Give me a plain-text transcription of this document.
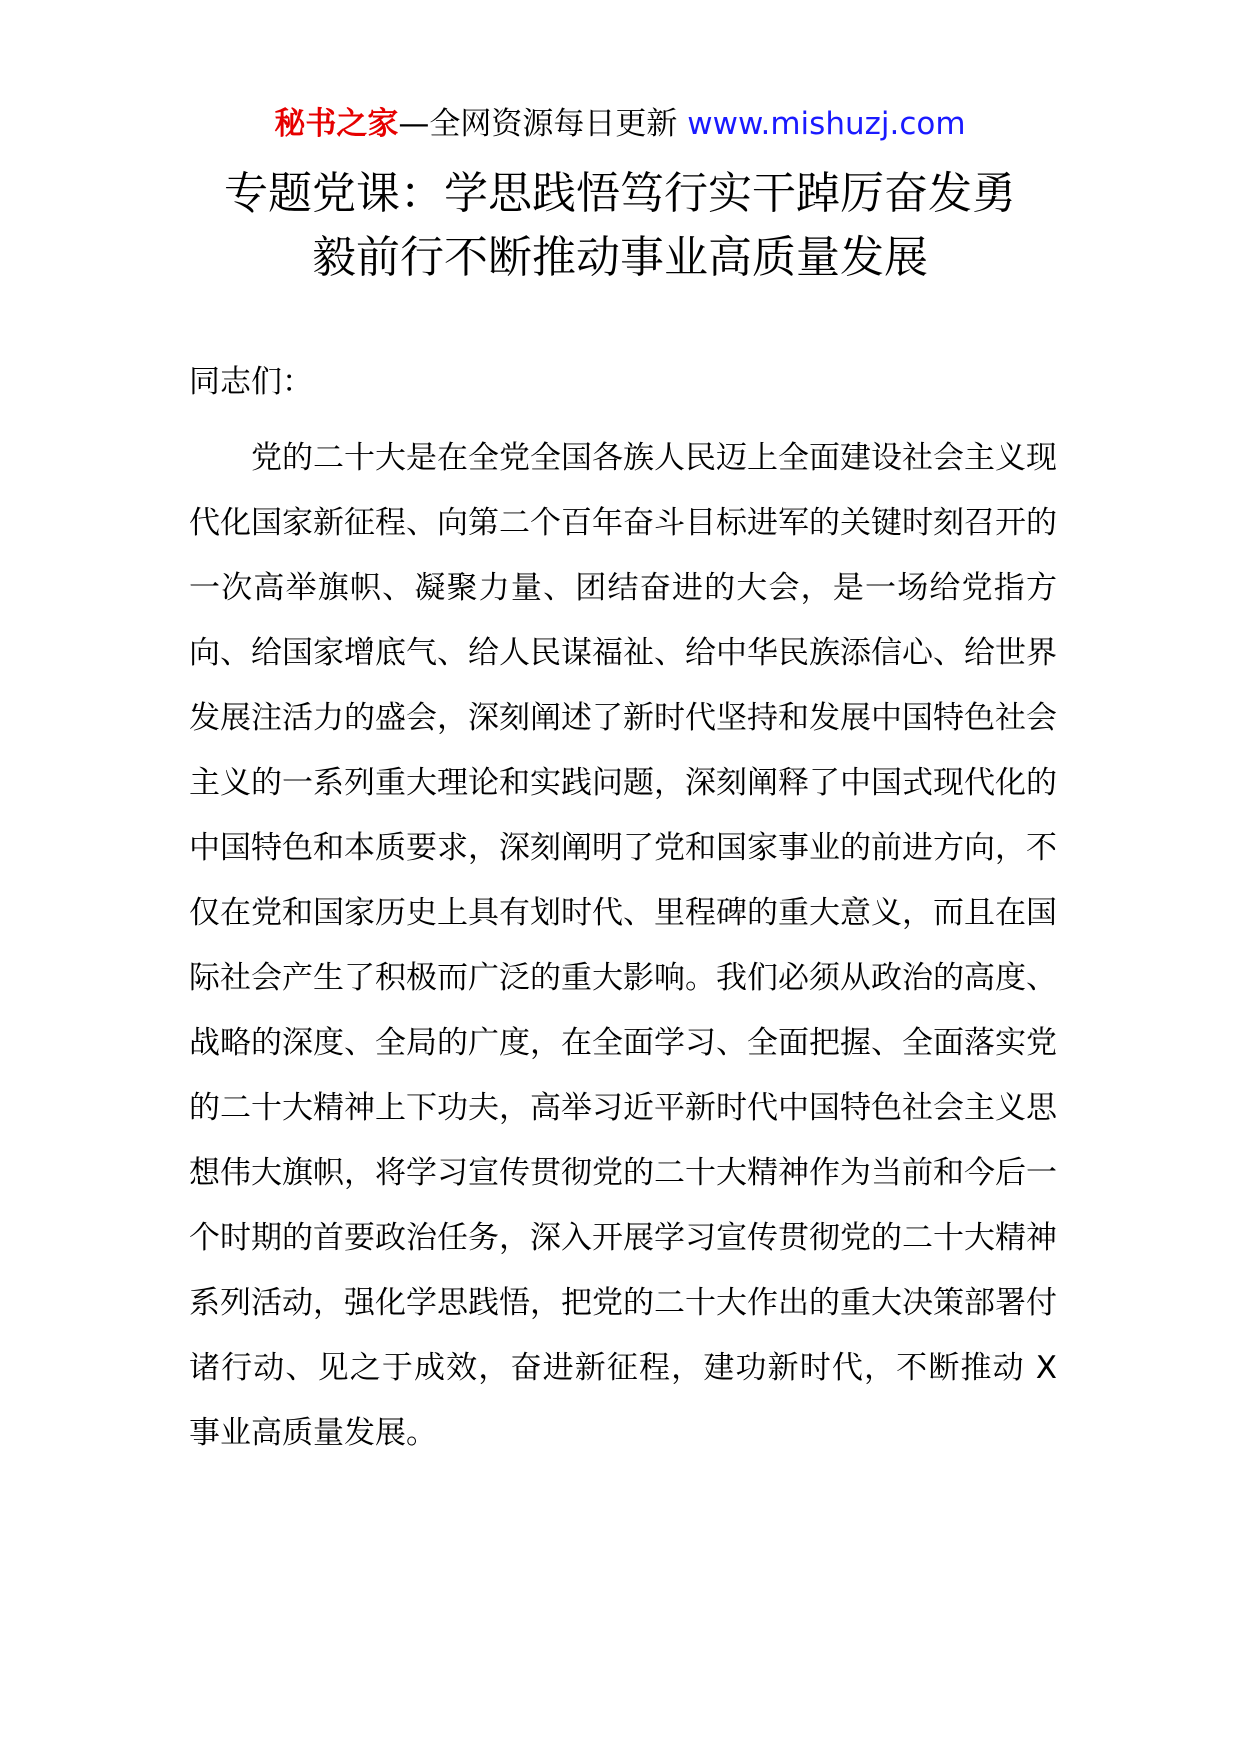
秘书之家—全网资源每日更新 www.mishuzj.com
专题党课：学思践悟笃行实干踔厉奋发勇
毅前行不断推动事业高质量发展

同志们：

党的二十大是在全党全国各族人民迈上全面建设社会主义现代化国家新征程、向第二个百年奋斗目标进军的关键时刻召开的一次高举旗帜、凝聚力量、团结奋进的大会，是一场给党指方向、给国家增底气、给人民谋福祉、给中华民族添信心、给世界发展注活力的盛会，深刻阐述了新时代坚持和发展中国特色社会主义的一系列重大理论和实践问题，深刻阐释了中国式现代化的中国特色和本质要求，深刻阐明了党和国家事业的前进方向，不仅在党和国家历史上具有划时代、里程碑的重大意义，而且在国际社会产生了积极而广泛的重大影响。我们必须从政治的高度、战略的深度、全局的广度，在全面学习、全面把握、全面落实党的二十大精神上下功夫，高举习近平新时代中国特色社会主义思想伟大旗帜，将学习宣传贯彻党的二十大精神作为当前和今后一个时期的首要政治任务，深入开展学习宣传贯彻党的二十大精神系列活动，强化学思践悟，把党的二十大作出的重大决策部署付诸行动、见之于成效，奋进新征程，建功新时代，不断推动 X 事业高质量发展。
